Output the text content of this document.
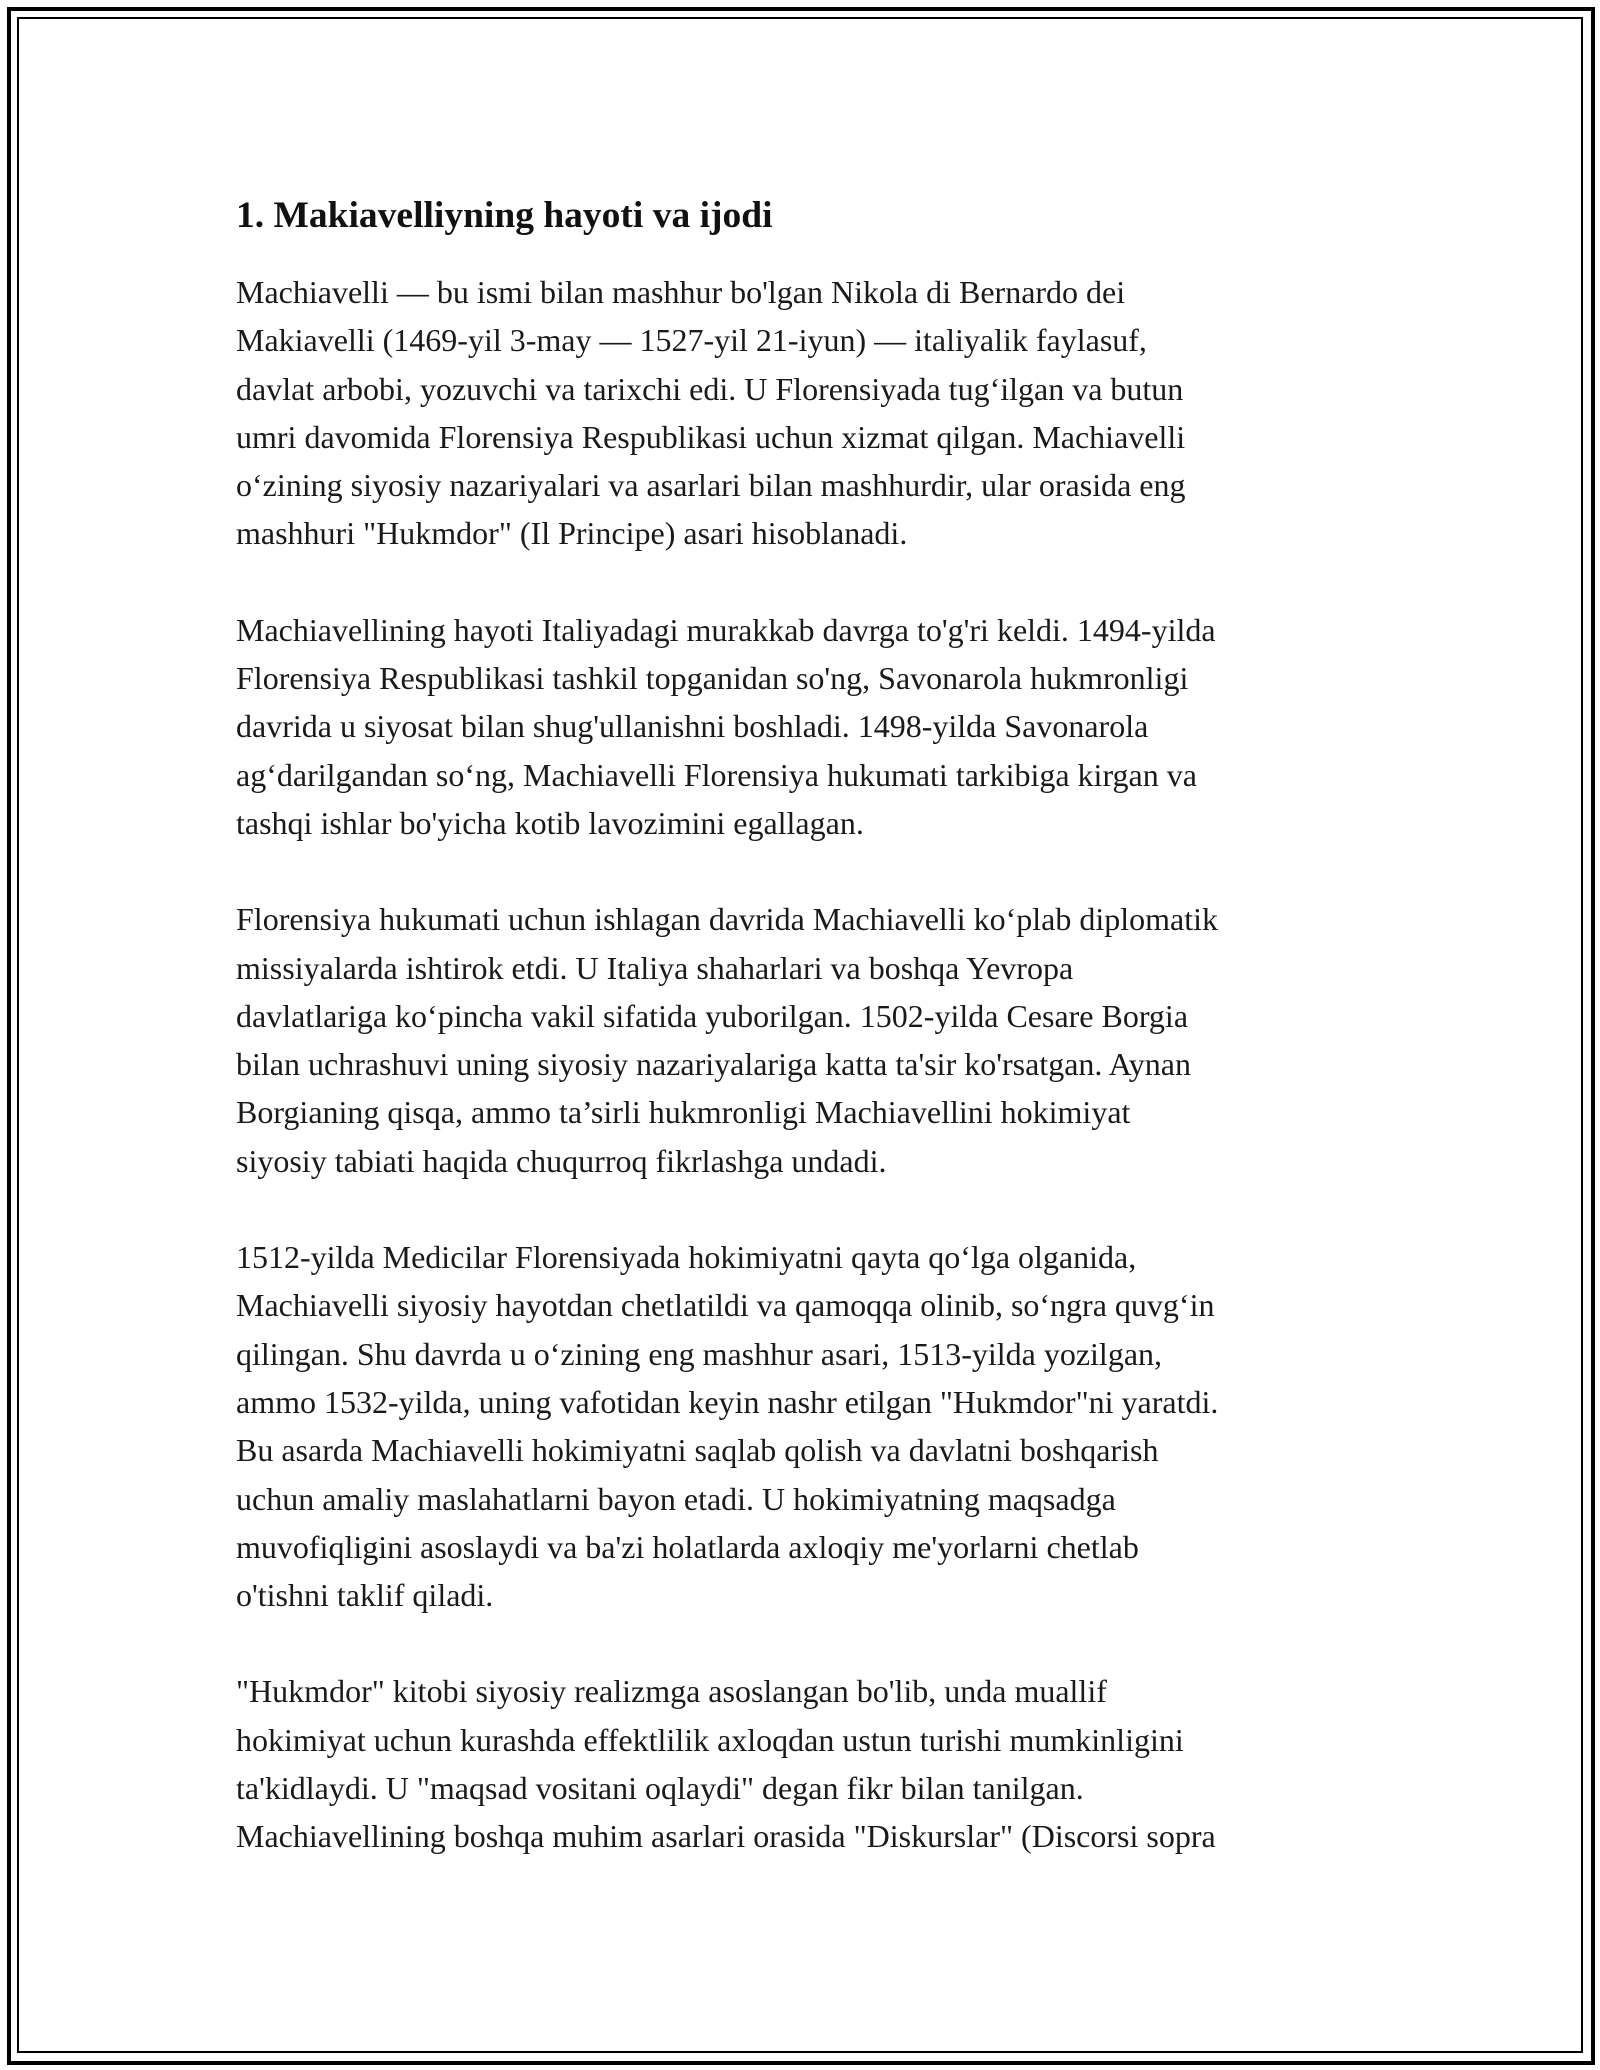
1. Makiavelliyning hayoti va ijodi
Machiavelli — bu ismi bilan mashhur bo'lgan Nikola di Bernardo dei
Makiavelli (1469-yil 3-may — 1527-yil 21-iyun) — italiyalik faylasuf,
davlat arbobi, yozuvchi va tarixchi edi. U Florensiyada tug‘ilgan va butun
umri davomida Florensiya Respublikasi uchun xizmat qilgan. Machiavelli
o‘zining siyosiy nazariyalari va asarlari bilan mashhurdir, ular orasida eng
mashhuri "Hukmdor" (Il Principe) asari hisoblanadi.
Machiavellining hayoti Italiyadagi murakkab davrga to'g'ri keldi. 1494-yilda
Florensiya Respublikasi tashkil topganidan so'ng, Savonarola hukmronligi
davrida u siyosat bilan shug'ullanishni boshladi. 1498-yilda Savonarola
ag‘darilgandan so‘ng, Machiavelli Florensiya hukumati tarkibiga kirgan va
tashqi ishlar bo'yicha kotib lavozimini egallagan.
Florensiya hukumati uchun ishlagan davrida Machiavelli ko‘plab diplomatik
missiyalarda ishtirok etdi. U Italiya shaharlari va boshqa Yevropa
davlatlariga ko‘pincha vakil sifatida yuborilgan. 1502-yilda Cesare Borgia
bilan uchrashuvi uning siyosiy nazariyalariga katta ta'sir ko'rsatgan. Aynan
Borgianing qisqa, ammo ta’sirli hukmronligi Machiavellini hokimiyat
siyosiy tabiati haqida chuqurroq fikrlashga undadi.
1512-yilda Medicilar Florensiyada hokimiyatni qayta qo‘lga olganida,
Machiavelli siyosiy hayotdan chetlatildi va qamoqqa olinib, so‘ngra quvg‘in
qilingan. Shu davrda u o‘zining eng mashhur asari, 1513-yilda yozilgan,
ammo 1532-yilda, uning vafotidan keyin nashr etilgan "Hukmdor"ni yaratdi.
Bu asarda Machiavelli hokimiyatni saqlab qolish va davlatni boshqarish
uchun amaliy maslahatlarni bayon etadi. U hokimiyatning maqsadga
muvofiqligini asoslaydi va ba'zi holatlarda axloqiy me'yorlarni chetlab
o'tishni taklif qiladi.
"Hukmdor" kitobi siyosiy realizmga asoslangan bo'lib, unda muallif
hokimiyat uchun kurashda effektlilik axloqdan ustun turishi mumkinligini
ta'kidlaydi. U "maqsad vositani oqlaydi" degan fikr bilan tanilgan.
Machiavellining boshqa muhim asarlari orasida "Diskurslar" (Discorsi sopra
